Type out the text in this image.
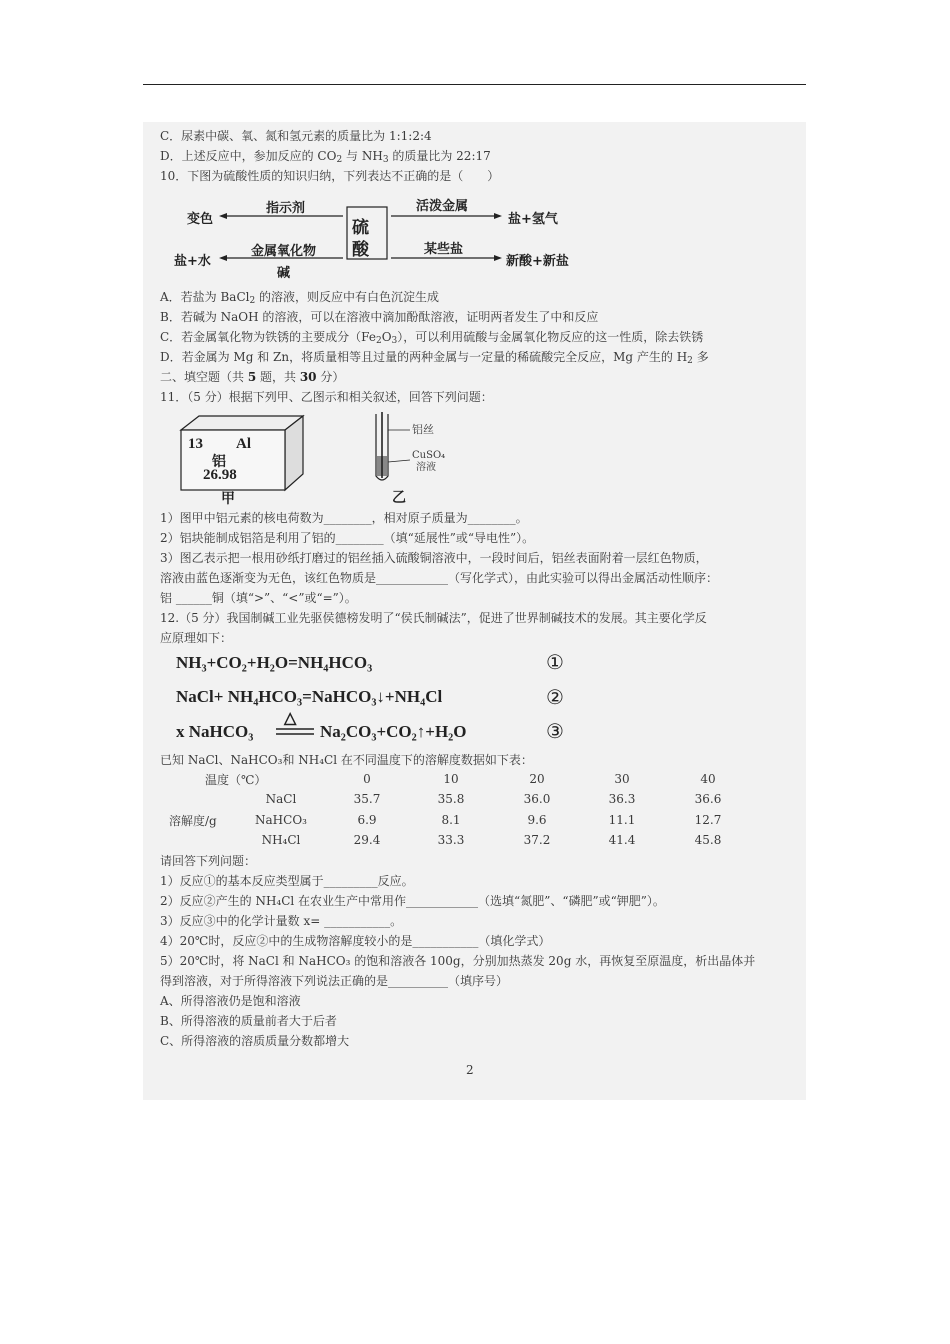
C．尿素中碳、氧、氮和氢元素的质量比为 1:1:2:4
D．上述反应中，参加反应的 $CO_2$ 与 $NH_3$ 的质量比为 22:17
10．下图为硫酸性质的知识归纳，下列表达不正确的是（　　）
硫
酸
指示剂
变色
活泼金属
盐+氢气
金属氧化物
碱
盐+水
某些盐
新酸+新盐
A．若盐为 BaCl$_2$ 的溶液，则反应中有白色沉淀生成
B．若碱为 NaOH 的溶液，可以在溶液中滴加酚酞溶液，证明两者发生了中和反应
C．若金属氧化物为铁锈的主要成分$(Fe_2O_3)$，可以利用硫酸与金属氧化物反应的这一性质，除去铁锈
D．若金属为 Mg 和 Zn，将质量相等且过量的两种金属与一定量的稀硫酸完全反应，Mg 产生的 $H_2$ 多
二、填空题（共 5 题，共 30 分）
11．（5 分）根据下列甲、乙图示和相关叙述，回答下列问题：
13 Al
铝
26.98
甲
铝丝
CuSO₄
溶液
乙
1）图甲中铝元素的核电荷数为________，相对原子质量为________。
2）铝块能制成铝箔是利用了铝的________（填“延展性”或“导电性”）。
3）图乙表示把一根用砂纸打磨过的铝丝插入硫酸铜溶液中，一段时间后，铝丝表面附着一层红色物质，
溶液由蓝色逐渐变为无色，该红色物质是____________（写化学式），由此实验可以得出金属活动性顺序：
铝 ______铜（填“>”、“<”或“=”）。
12.（5 分）我国制碱工业先驱侯德榜发明了“侯氏制碱法”，促进了世界制碱技术的发展。其主要化学反
应原理如下：
NH₃+CO₂+H₂O=NH₄HCO₃	①
NaCl+ NH₄HCO₃=NaHCO₃↓+NH₄Cl	②
x NaHCO₃
△
Na₂CO₃+CO₂↑+H₂O	③
已知 NaCl、NaHCO₃和 NH₄Cl 在不同温度下的溶解度数据如下表：
温度（℃）	0	10	20	30	40
溶解度/g
NaCl	35.7	35.8	36.0	36.3	36.6
NaHCO₃	6.9	8.1	9.6	11.1	12.7
NH₄Cl	29.4	33.3	37.2	41.4	45.8
请回答下列问题：
1）反应①的基本反应类型属于_________反应。
2）反应②产生的 NH₄Cl 在农业生产中常用作____________（选填“氮肥”、“磷肥”或“钾肥”）。
3）反应③中的化学计量数 x= ___________。
4）20℃时，反应②中的生成物溶解度较小的是___________（填化学式）
5）20℃时，将 NaCl 和 NaHCO₃ 的饱和溶液各 100g，分别加热蒸发 20g 水，再恢复至原温度，析出晶体并
得到溶液，对于所得溶液下列说法正确的是__________（填序号）
A、所得溶液仍是饱和溶液
B、所得溶液的质量前者大于后者
C、所得溶液的溶质质量分数都增大
2
